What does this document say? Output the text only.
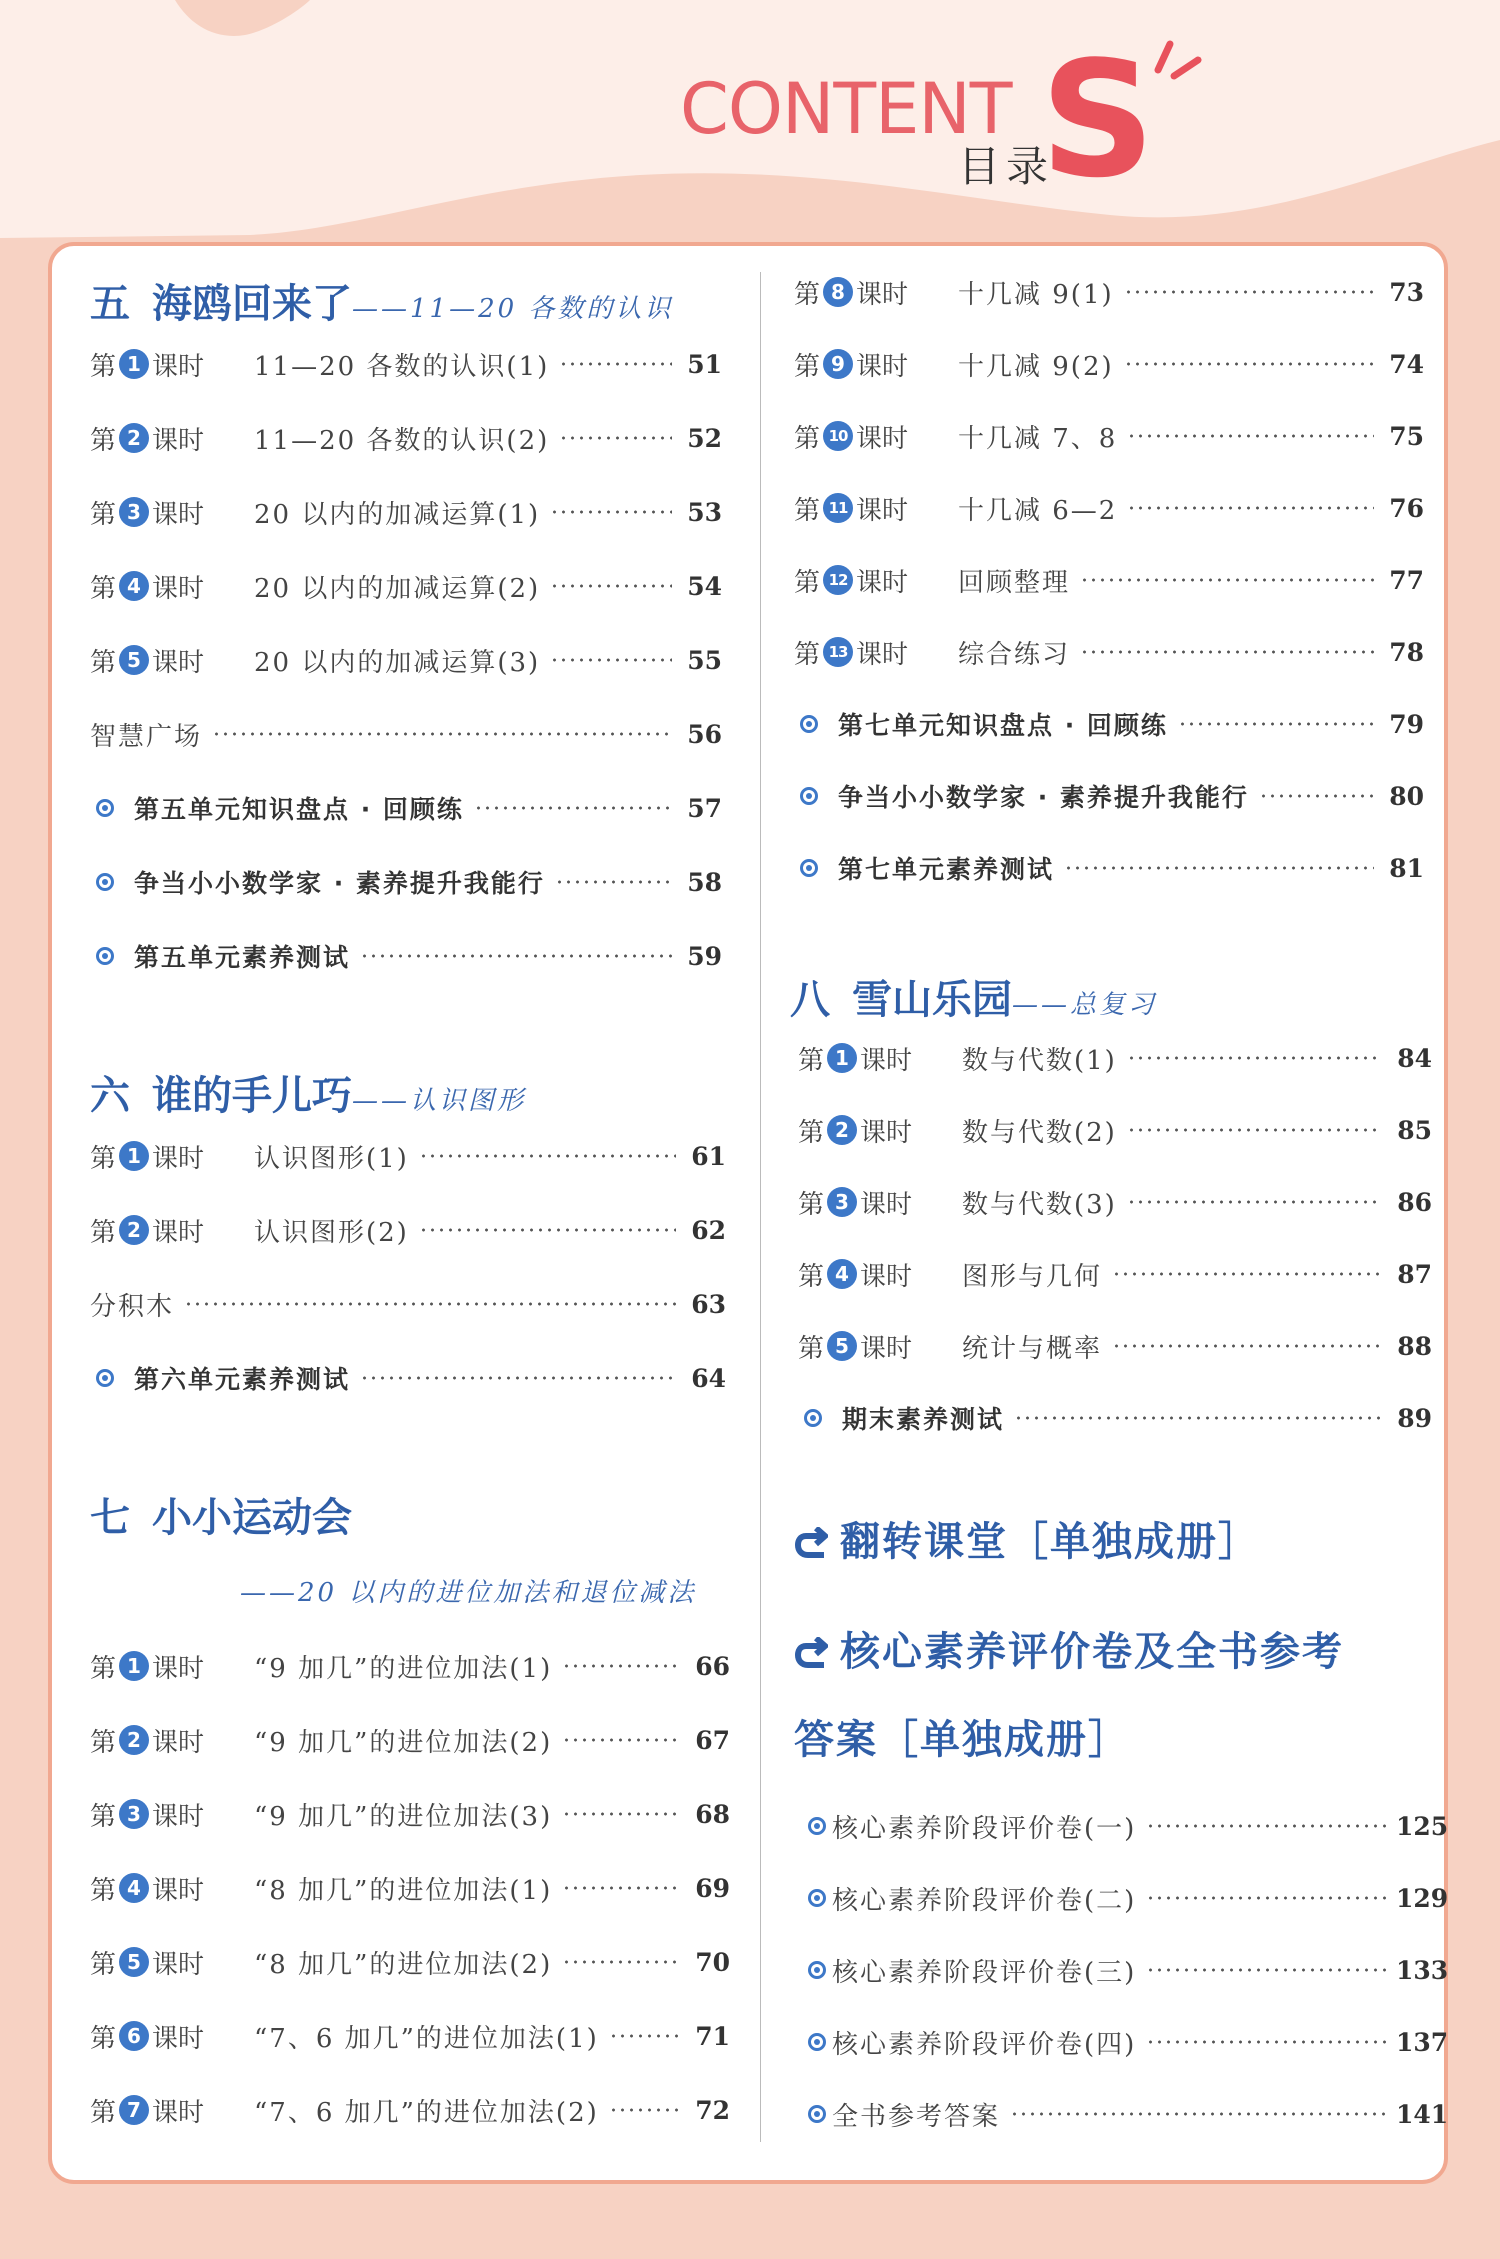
CONTENT S
目录
五 海鸥回来了——11—20 各数的认识
第 1 课时 11—20 各数的认识(1)	51
第 2 课时 11—20 各数的认识(2)	52
第 3 课时 20 以内的加减运算(1)	53
第 4 课时 20 以内的加减运算(2)	54
第 5 课时 20 以内的加减运算(3)	55
智慧广场	56
第五单元知识盘点 · 回顾练	57
争当小小数学家 · 素养提升我能行	58
第五单元素养测试	59
六 谁的手儿巧——认识图形
第 1 课时 认识图形(1)	61
第 2 课时 认识图形(2)	62
分积木	63
第六单元素养测试	64
七 小小运动会
——20 以内的进位加法和退位减法
第 1 课时 “9 加几”的进位加法(1)	66
第 2 课时 “9 加几”的进位加法(2)	67
第 3 课时 “9 加几”的进位加法(3)	68
第 4 课时 “8 加几”的进位加法(1)	69
第 5 课时 “8 加几”的进位加法(2)	70
第 6 课时 “7、6 加几”的进位加法(1)	71
第 7 课时 “7、6 加几”的进位加法(2)	72
第 8 课时 十几减 9(1)	73
第 9 课时 十几减 9(2)	74
第 10 课时 十几减 7、8	75
第 11 课时 十几减 6—2	76
第 12 课时 回顾整理	77
第 13 课时 综合练习	78
第七单元知识盘点 · 回顾练	79
争当小小数学家 · 素养提升我能行	80
第七单元素养测试	81
八 雪山乐园——总复习
第 1 课时 数与代数(1)	84
第 2 课时 数与代数(2)	85
第 3 课时 数与代数(3)	86
第 4 课时 图形与几何	87
第 5 课时 统计与概率	88
期末素养测试	89
翻转课堂［单独成册］
核心素养评价卷及全书参考
答案［单独成册］
核心素养阶段评价卷(一)	125
核心素养阶段评价卷(二)	129
核心素养阶段评价卷(三)	133
核心素养阶段评价卷(四)	137
全书参考答案	141
